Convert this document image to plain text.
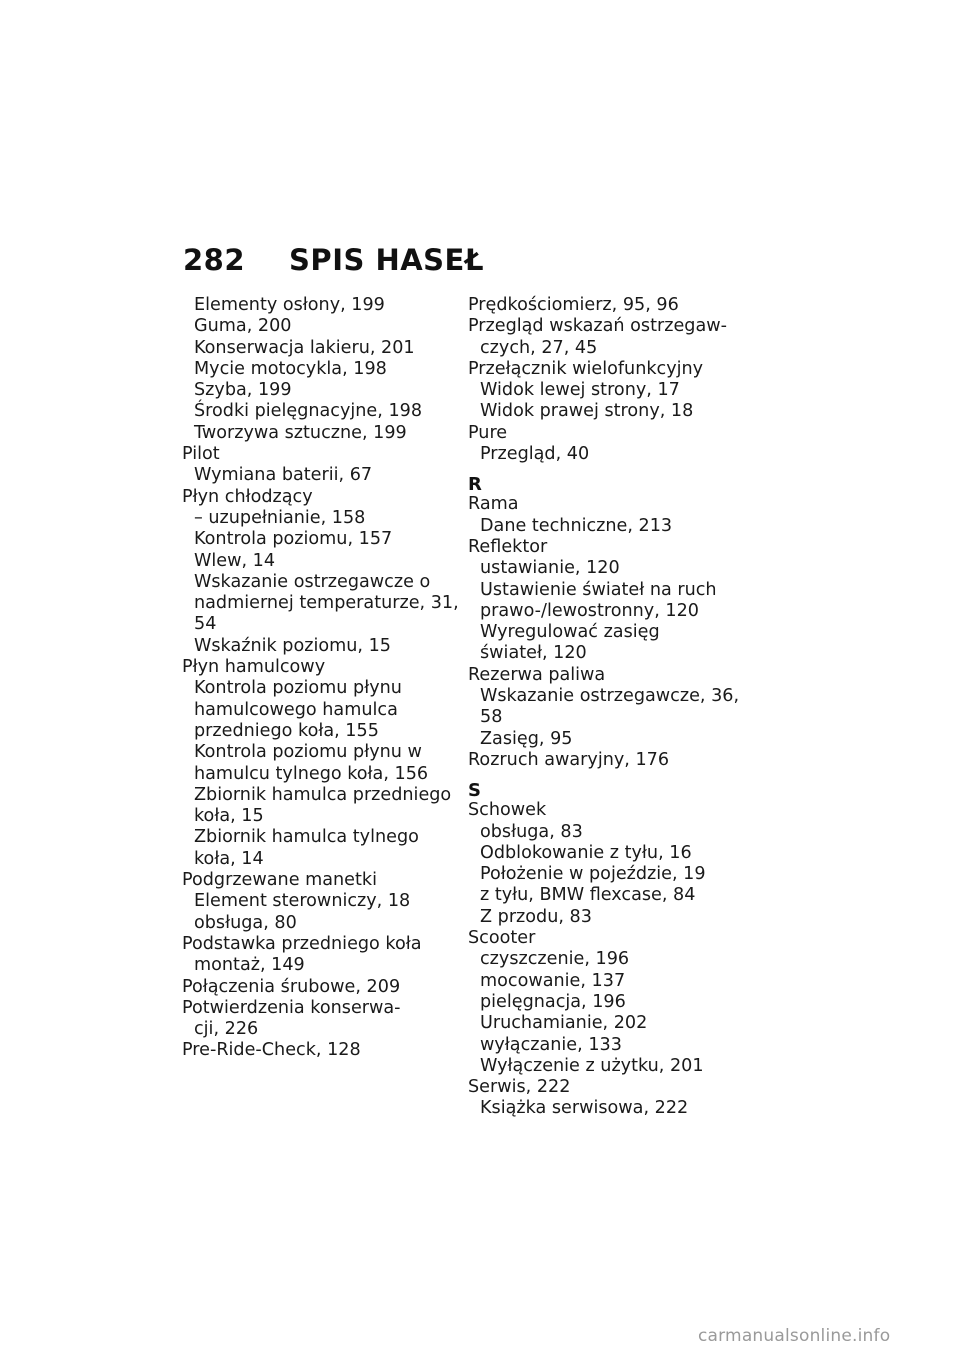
282 SPIS HASEŁ
Elementy osłony, 199
Guma, 200
Konserwacja lakieru, 201
Mycie motocykla, 198
Szyba, 199
Środki pielęgnacyjne, 198
Tworzywa sztuczne, 199
Pilot
Wymiana baterii, 67
Płyn chłodzący
– uzupełnianie, 158
Kontrola poziomu, 157
Wlew, 14
Wskazanie ostrzegawcze o
nadmiernej temperaturze, 31,
54
Wskaźnik poziomu, 15
Płyn hamulcowy
Kontrola poziomu płynu
hamulcowego hamulca
przedniego koła, 155
Kontrola poziomu płynu w
hamulcu tylnego koła, 156
Zbiornik hamulca przedniego
koła, 15
Zbiornik hamulca tylnego
koła, 14
Podgrzewane manetki
Element sterowniczy, 18
obsługa, 80
Podstawka przedniego koła
montaż, 149
Połączenia śrubowe, 209
Potwierdzenia konserwa-
cji, 226
Pre-Ride-Check, 128
Prędkościomierz, 95, 96
Przegląd wskazań ostrzegaw-
czych, 27, 45
Przełącznik wielofunkcyjny
Widok lewej strony, 17
Widok prawej strony, 18
Pure
Przegląd, 40
R
Rama
Dane techniczne, 213
Reflektor
ustawianie, 120
Ustawienie świateł na ruch
prawo-/lewostronny, 120
Wyregulować zasięg
świateł, 120
Rezerwa paliwa
Wskazanie ostrzegawcze, 36,
58
Zasięg, 95
Rozruch awaryjny, 176
S
Schowek
obsługa, 83
Odblokowanie z tyłu, 16
Położenie w pojeździe, 19
z tyłu, BMW flexcase, 84
Z przodu, 83
Scooter
czyszczenie, 196
mocowanie, 137
pielęgnacja, 196
Uruchamianie, 202
wyłączanie, 133
Wyłączenie z użytku, 201
Serwis, 222
Książka serwisowa, 222
carmanualsonline.info
